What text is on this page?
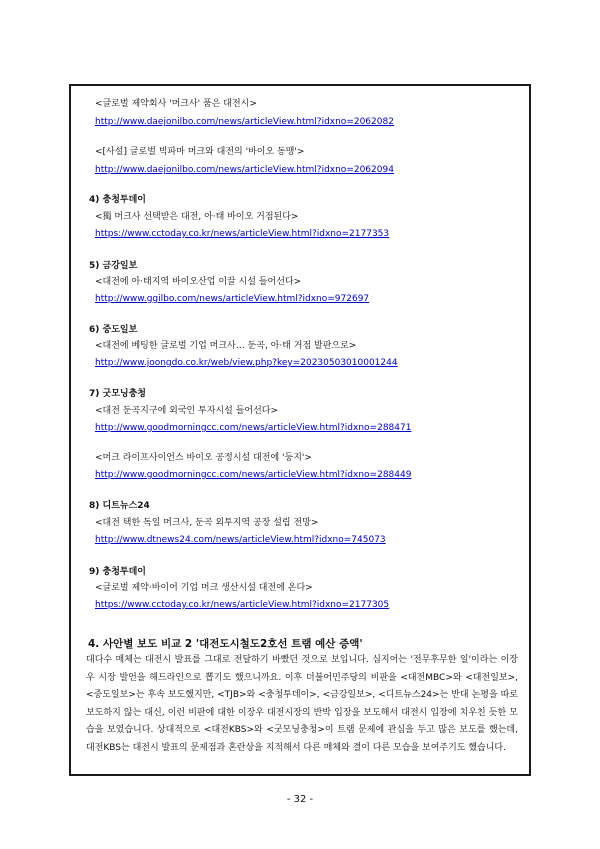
<글로벌 제약회사 '머크사' 품은 대전시>
http://www.daejonilbo.com/news/articleView.html?idxno=2062082
<[사설] 글로벌 빅파마 머크와 대전의 '바이오 동맹'>
http://www.daejonilbo.com/news/articleView.html?idxno=2062094
4) 충청투데이
<獨 머크사 선택받은 대전, 아·태 바이오 거점된다>
https://www.cctoday.co.kr/news/articleView.html?idxno=2177353
5) 금강일보
<대전에 아·태지역 바이오산업 이끌 시설 들어선다>
http://www.ggilbo.com/news/articleView.html?idxno=972697
6) 중도일보
<대전에 베팅한 글로벌 기업 머크사… 둔곡, 아·태 거점 발판으로>
http://www.joongdo.co.kr/web/view.php?key=20230503010001244
7) 굿모닝충청
<대전 둔곡지구에 외국인 투자시설 들어선다>
http://www.goodmorningcc.com/news/articleView.html?idxno=288471
<머크 라이프사이언스 바이오 공정시설 대전에 '둥지'>
http://www.goodmorningcc.com/news/articleView.html?idxno=288449
8) 디트뉴스24
<대전 택한 독일 머크사, 둔곡 외투지역 공장 설립 전망>
http://www.dtnews24.com/news/articleView.html?idxno=745073
9) 충청투데이
<글로벌 제약·바이어 기업 머크 생산시설 대전에 온다>
https://www.cctoday.co.kr/news/articleView.html?idxno=2177305
4. 사안별 보도 비교 2 '대전도시철도2호선 트램 예산 증액'
대다수 매체는 대전시 발표를 그대로 전달하기 바빴던 것으로 보입니다. 심지어는 '전무후무한 일'이라는 이장우 시장 발언을 헤드라인으로 뽑기도 했으니까요. 이후 더불어민주당의 비판을 <대전MBC>와 <대전일보>, <중도일보>는 후속 보도했지만, <TJB>와 <충청투데이>, <금강일보>, <디트뉴스24>는 반대 논평을 따로 보도하지 않는 대신, 이런 비판에 대한 이장우 대전시장의 반박 입장을 보도해서 대전시 입장에 치우친 듯한 모습을 보였습니다. 상대적으로 <대전KBS>와 <굿모닝충청>이 트램 문제에 관심을 두고 많은 보도를 했는데, 대전KBS는 대전시 발표의 문제점과 혼란상을 지적해서 다른 매체와 결이 다른 모습을 보여주기도 했습니다.
- 32 -
